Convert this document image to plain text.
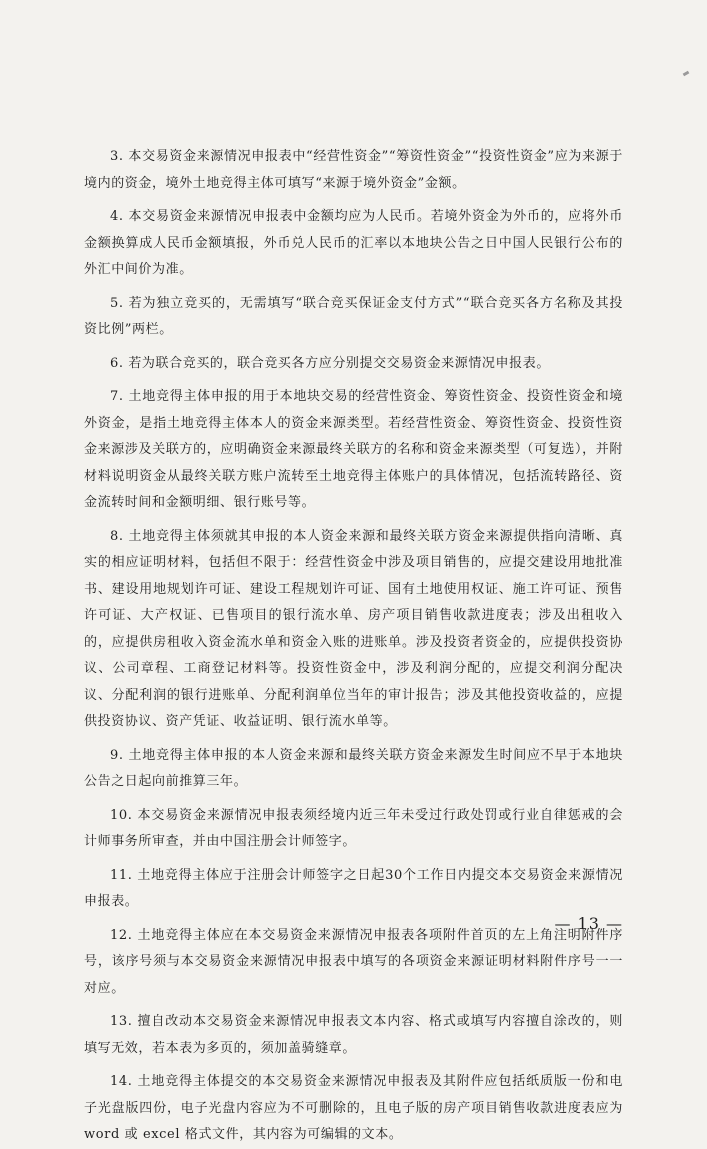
3. 本交易资金来源情况申报表中“经营性资金”“筹资性资金”“投资性资金”应为来源于境内的资金，境外土地竞得主体可填写“来源于境外资金”金额。

4. 本交易资金来源情况申报表中金额均应为人民币。若境外资金为外币的，应将外币金额换算成人民币金额填报，外币兑人民币的汇率以本地块公告之日中国人民银行公布的外汇中间价为准。

5. 若为独立竞买的，无需填写“联合竞买保证金支付方式”“联合竞买各方名称及其投资比例”两栏。

6. 若为联合竞买的，联合竞买各方应分别提交交易资金来源情况申报表。

7. 土地竞得主体申报的用于本地块交易的经营性资金、筹资性资金、投资性资金和境外资金，是指土地竞得主体本人的资金来源类型。若经营性资金、筹资性资金、投资性资金来源涉及关联方的，应明确资金来源最终关联方的名称和资金来源类型（可复选），并附材料说明资金从最终关联方账户流转至土地竞得主体账户的具体情况，包括流转路径、资金流转时间和金额明细、银行账号等。

8. 土地竞得主体须就其申报的本人资金来源和最终关联方资金来源提供指向清晰、真实的相应证明材料，包括但不限于：经营性资金中涉及项目销售的，应提交建设用地批准书、建设用地规划许可证、建设工程规划许可证、国有土地使用权证、施工许可证、预售许可证、大产权证、已售项目的银行流水单、房产项目销售收款进度表；涉及出租收入的，应提供房租收入资金流水单和资金入账的进账单。涉及投资者资金的，应提供投资协议、公司章程、工商登记材料等。投资性资金中，涉及利润分配的，应提交利润分配决议、分配利润的银行进账单、分配利润单位当年的审计报告；涉及其他投资收益的，应提供投资协议、资产凭证、收益证明、银行流水单等。

9. 土地竞得主体申报的本人资金来源和最终关联方资金来源发生时间应不早于本地块公告之日起向前推算三年。

10. 本交易资金来源情况申报表须经境内近三年未受过行政处罚或行业自律惩戒的会计师事务所审查，并由中国注册会计师签字。

11. 土地竞得主体应于注册会计师签字之日起30个工作日内提交本交易资金来源情况申报表。

12. 土地竞得主体应在本交易资金来源情况申报表各项附件首页的左上角注明附件序号，该序号须与本交易资金来源情况申报表中填写的各项资金来源证明材料附件序号一一对应。

13. 擅自改动本交易资金来源情况申报表文本内容、格式或填写内容擅自涂改的，则填写无效，若本表为多页的，须加盖骑缝章。

14. 土地竞得主体提交的本交易资金来源情况申报表及其附件应包括纸质版一份和电子光盘版四份，电子光盘内容应为不可删除的，且电子版的房产项目销售收款进度表应为 word 或 excel 格式文件，其内容为可编辑的文本。

— 13 —
